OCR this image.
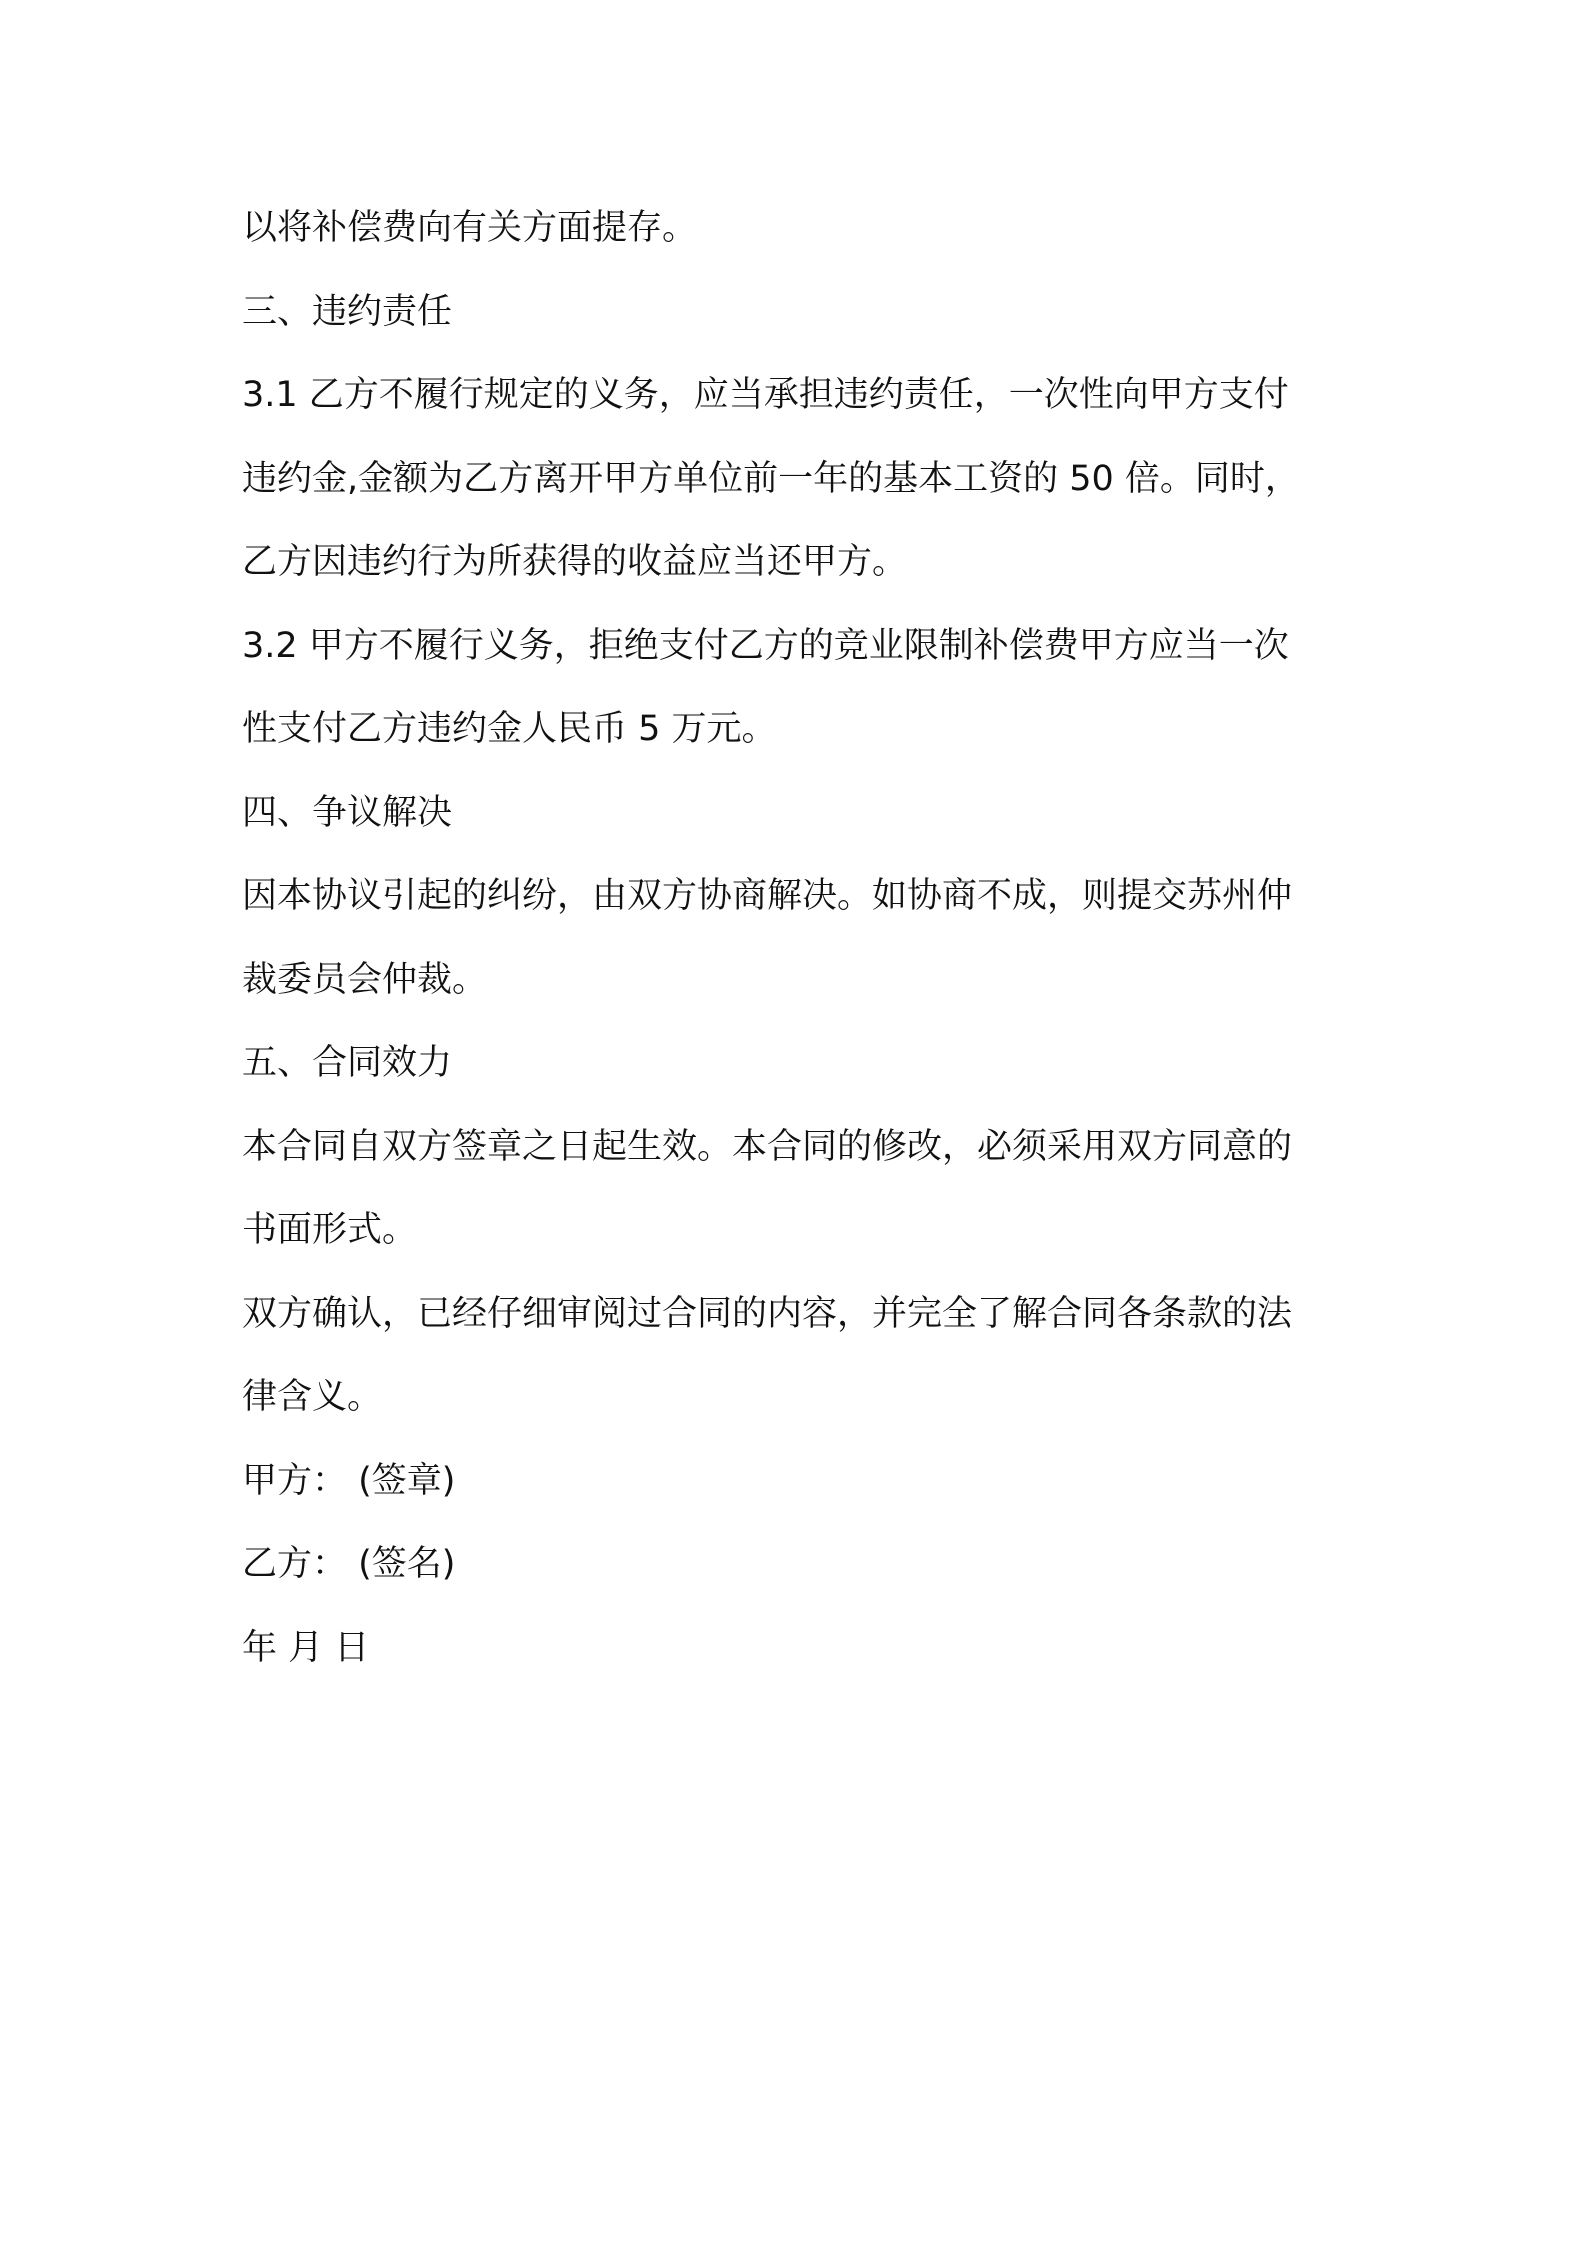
以将补偿费向有关方面提存。
三、违约责任
3.1 乙方不履行规定的义务，应当承担违约责任，一次性向甲方支付
违约金,金额为乙方离开甲方单位前一年的基本工资的 50 倍。同时，
乙方因违约行为所获得的收益应当还甲方。
3.2 甲方不履行义务，拒绝支付乙方的竞业限制补偿费甲方应当一次
性支付乙方违约金人民币 5 万元。
四、争议解决
因本协议引起的纠纷，由双方协商解决。如协商不成，则提交苏州仲
裁委员会仲裁。
五、合同效力
本合同自双方签章之日起生效。本合同的修改，必须采用双方同意的
书面形式。
双方确认，已经仔细审阅过合同的内容，并完全了解合同各条款的法
律含义。
甲方： (签章)
乙方： (签名)
年 月 日
